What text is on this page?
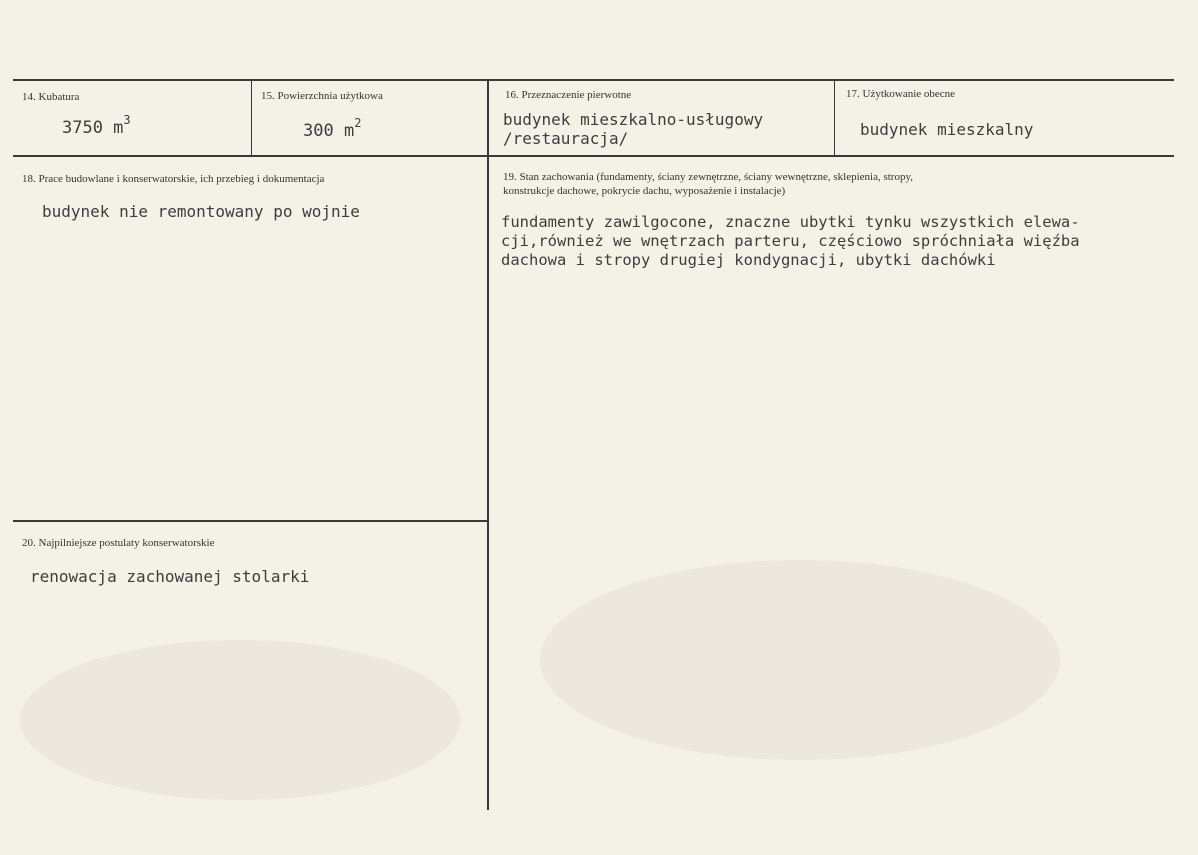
14. Kubatura
3750 $m^3$
15. Powierzchnia użytkowa
300 $m^2$
16. Przeznaczenie pierwotne
budynek mieszkalno-usługowy
/restauracja/
17. Użytkowanie obecne
budynek mieszkalny
18. Prace budowlane i konserwatorskie, ich przebieg i dokumentacja
budynek nie remontowany po wojnie
19. Stan zachowania (fundamenty, ściany zewnętrzne, ściany wewnętrzne, sklepienia, stropy,
konstrukcje dachowe, pokrycie dachu, wyposażenie i instalacje)
fundamenty zawilgocone, znaczne ubytki tynku wszystkich elewa-
cji,również we wnętrzach parteru, częściowo spróchniała więźba
dachowa i stropy drugiej kondygnacji, ubytki dachówki
20. Najpilniejsze postulaty konserwatorskie
renowacja zachowanej stolarki
